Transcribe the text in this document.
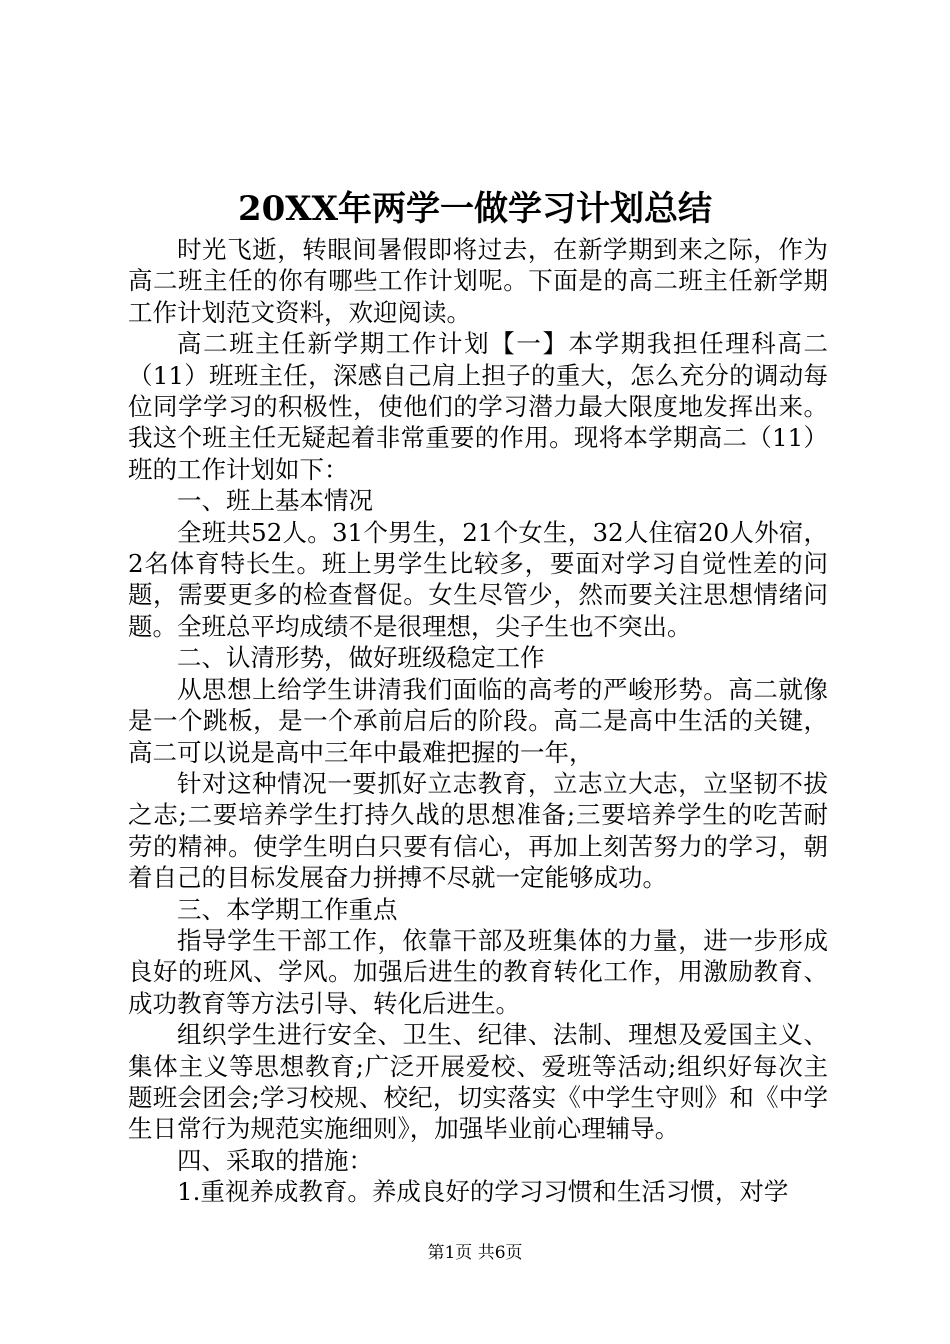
20XX年两学一做学习计划总结

时光飞逝，转眼间暑假即将过去，在新学期到来之际，作为高二班主任的你有哪些工作计划呢。下面是的高二班主任新学期工作计划范文资料，欢迎阅读。

高二班主任新学期工作计划【一】本学期我担任理科高二（11）班班主任，深感自己肩上担子的重大，怎么充分的调动每位同学学习的积极性，使他们的学习潜力最大限度地发挥出来。我这个班主任无疑起着非常重要的作用。现将本学期高二（11）班的工作计划如下：

一、班上基本情况

全班共52人。31个男生，21个女生，32人住宿20人外宿，2名体育特长生。班上男学生比较多，要面对学习自觉性差的问题，需要更多的检查督促。女生尽管少，然而要关注思想情绪问题。全班总平均成绩不是很理想，尖子生也不突出。

二、认清形势，做好班级稳定工作

从思想上给学生讲清我们面临的高考的严峻形势。高二就像是一个跳板，是一个承前启后的阶段。高二是高中生活的关键，高二可以说是高中三年中最难把握的一年，

针对这种情况一要抓好立志教育，立志立大志，立坚韧不拔之志;二要培养学生打持久战的思想准备;三要培养学生的吃苦耐劳的精神。使学生明白只要有信心，再加上刻苦努力的学习，朝着自己的目标发展奋力拼搏不尽就一定能够成功。

三、本学期工作重点

指导学生干部工作，依靠干部及班集体的力量，进一步形成良好的班风、学风。加强后进生的教育转化工作，用激励教育、成功教育等方法引导、转化后进生。

组织学生进行安全、卫生、纪律、法制、理想及爱国主义、集体主义等思想教育;广泛开展爱校、爱班等活动;组织好每次主题班会团会;学习校规、校纪，切实落实《中学生守则》和《中学生日常行为规范实施细则》，加强毕业前心理辅导。

四、采取的措施：

1.重视养成教育。养成良好的学习习惯和生活习惯，对学

第1页 共6页
